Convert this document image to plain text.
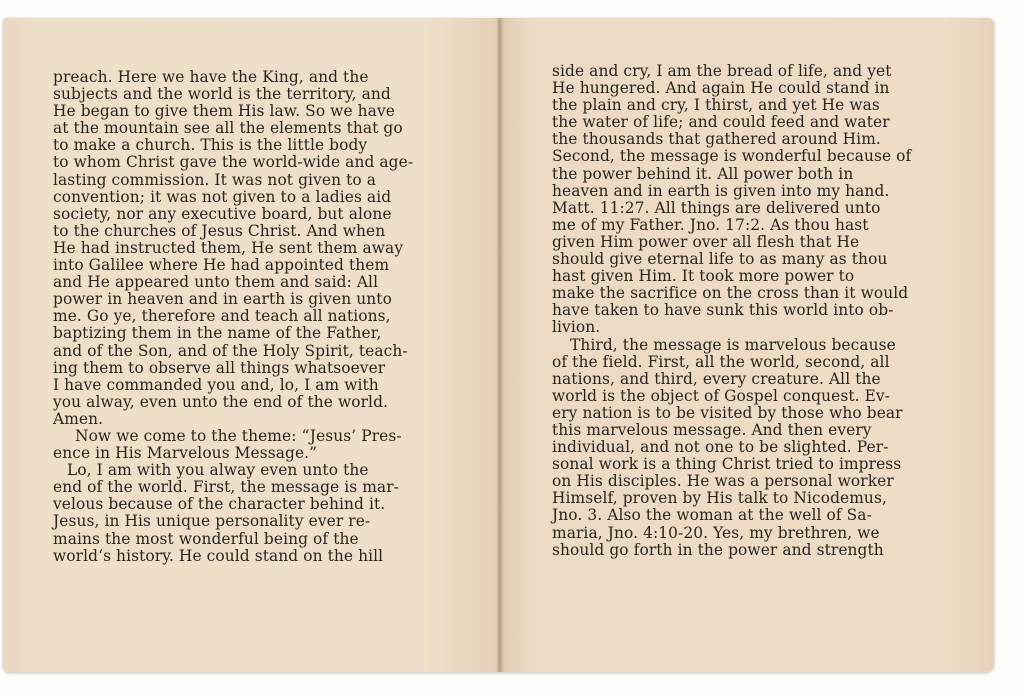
preach. Here we have the King, and the
subjects and the world is the territory, and
He began to give them His law. So we have
at the mountain see all the elements that go
to make a church. This is the little body
to whom Christ gave the world-wide and age-
lasting commission. It was not given to a
convention; it was not given to a ladies aid
society, nor any executive board, but alone
to the churches of Jesus Christ. And when
He had instructed them, He sent them away
into Galilee where He had appointed them
and He appeared unto them and said: All
power in heaven and in earth is given unto
me. Go ye, therefore and teach all nations,
baptizing them in the name of the Father,
and of the Son, and of the Holy Spirit, teach-
ing them to observe all things whatsoever
I have commanded you and, lo, I am with
you alway, even unto the end of the world.
Amen.
Now we come to the theme: “Jesus’ Pres-
ence in His Marvelous Message.”
Lo, I am with you alway even unto the
end of the world. First, the message is mar-
velous because of the character behind it.
Jesus, in His unique personality ever re-
mains the most wonderful being of the
world‘s history. He could stand on the hill
side and cry, I am the bread of life, and yet
He hungered. And again He could stand in
the plain and cry, I thirst, and yet He was
the water of life; and could feed and water
the thousands that gathered around Him.
Second, the message is wonderful because of
the power behind it. All power both in
heaven and in earth is given into my hand.
Matt. 11:27. All things are delivered unto
me of my Father. Jno. 17:2. As thou hast
given Him power over all flesh that He
should give eternal life to as many as thou
hast given Him. It took more power to
make the sacrifice on the cross than it would
have taken to have sunk this world into ob-
livion.
Third, the message is marvelous because
of the field. First, all the world, second, all
nations, and third, every creature. All the
world is the object of Gospel conquest. Ev-
ery nation is to be visited by those who bear
this marvelous message. And then every
individual, and not one to be slighted. Per-
sonal work is a thing Christ tried to impress
on His disciples. He was a personal worker
Himself, proven by His talk to Nicodemus,
Jno. 3. Also the woman at the well of Sa-
maria, Jno. 4:10-20. Yes, my brethren, we
should go forth in the power and strength
